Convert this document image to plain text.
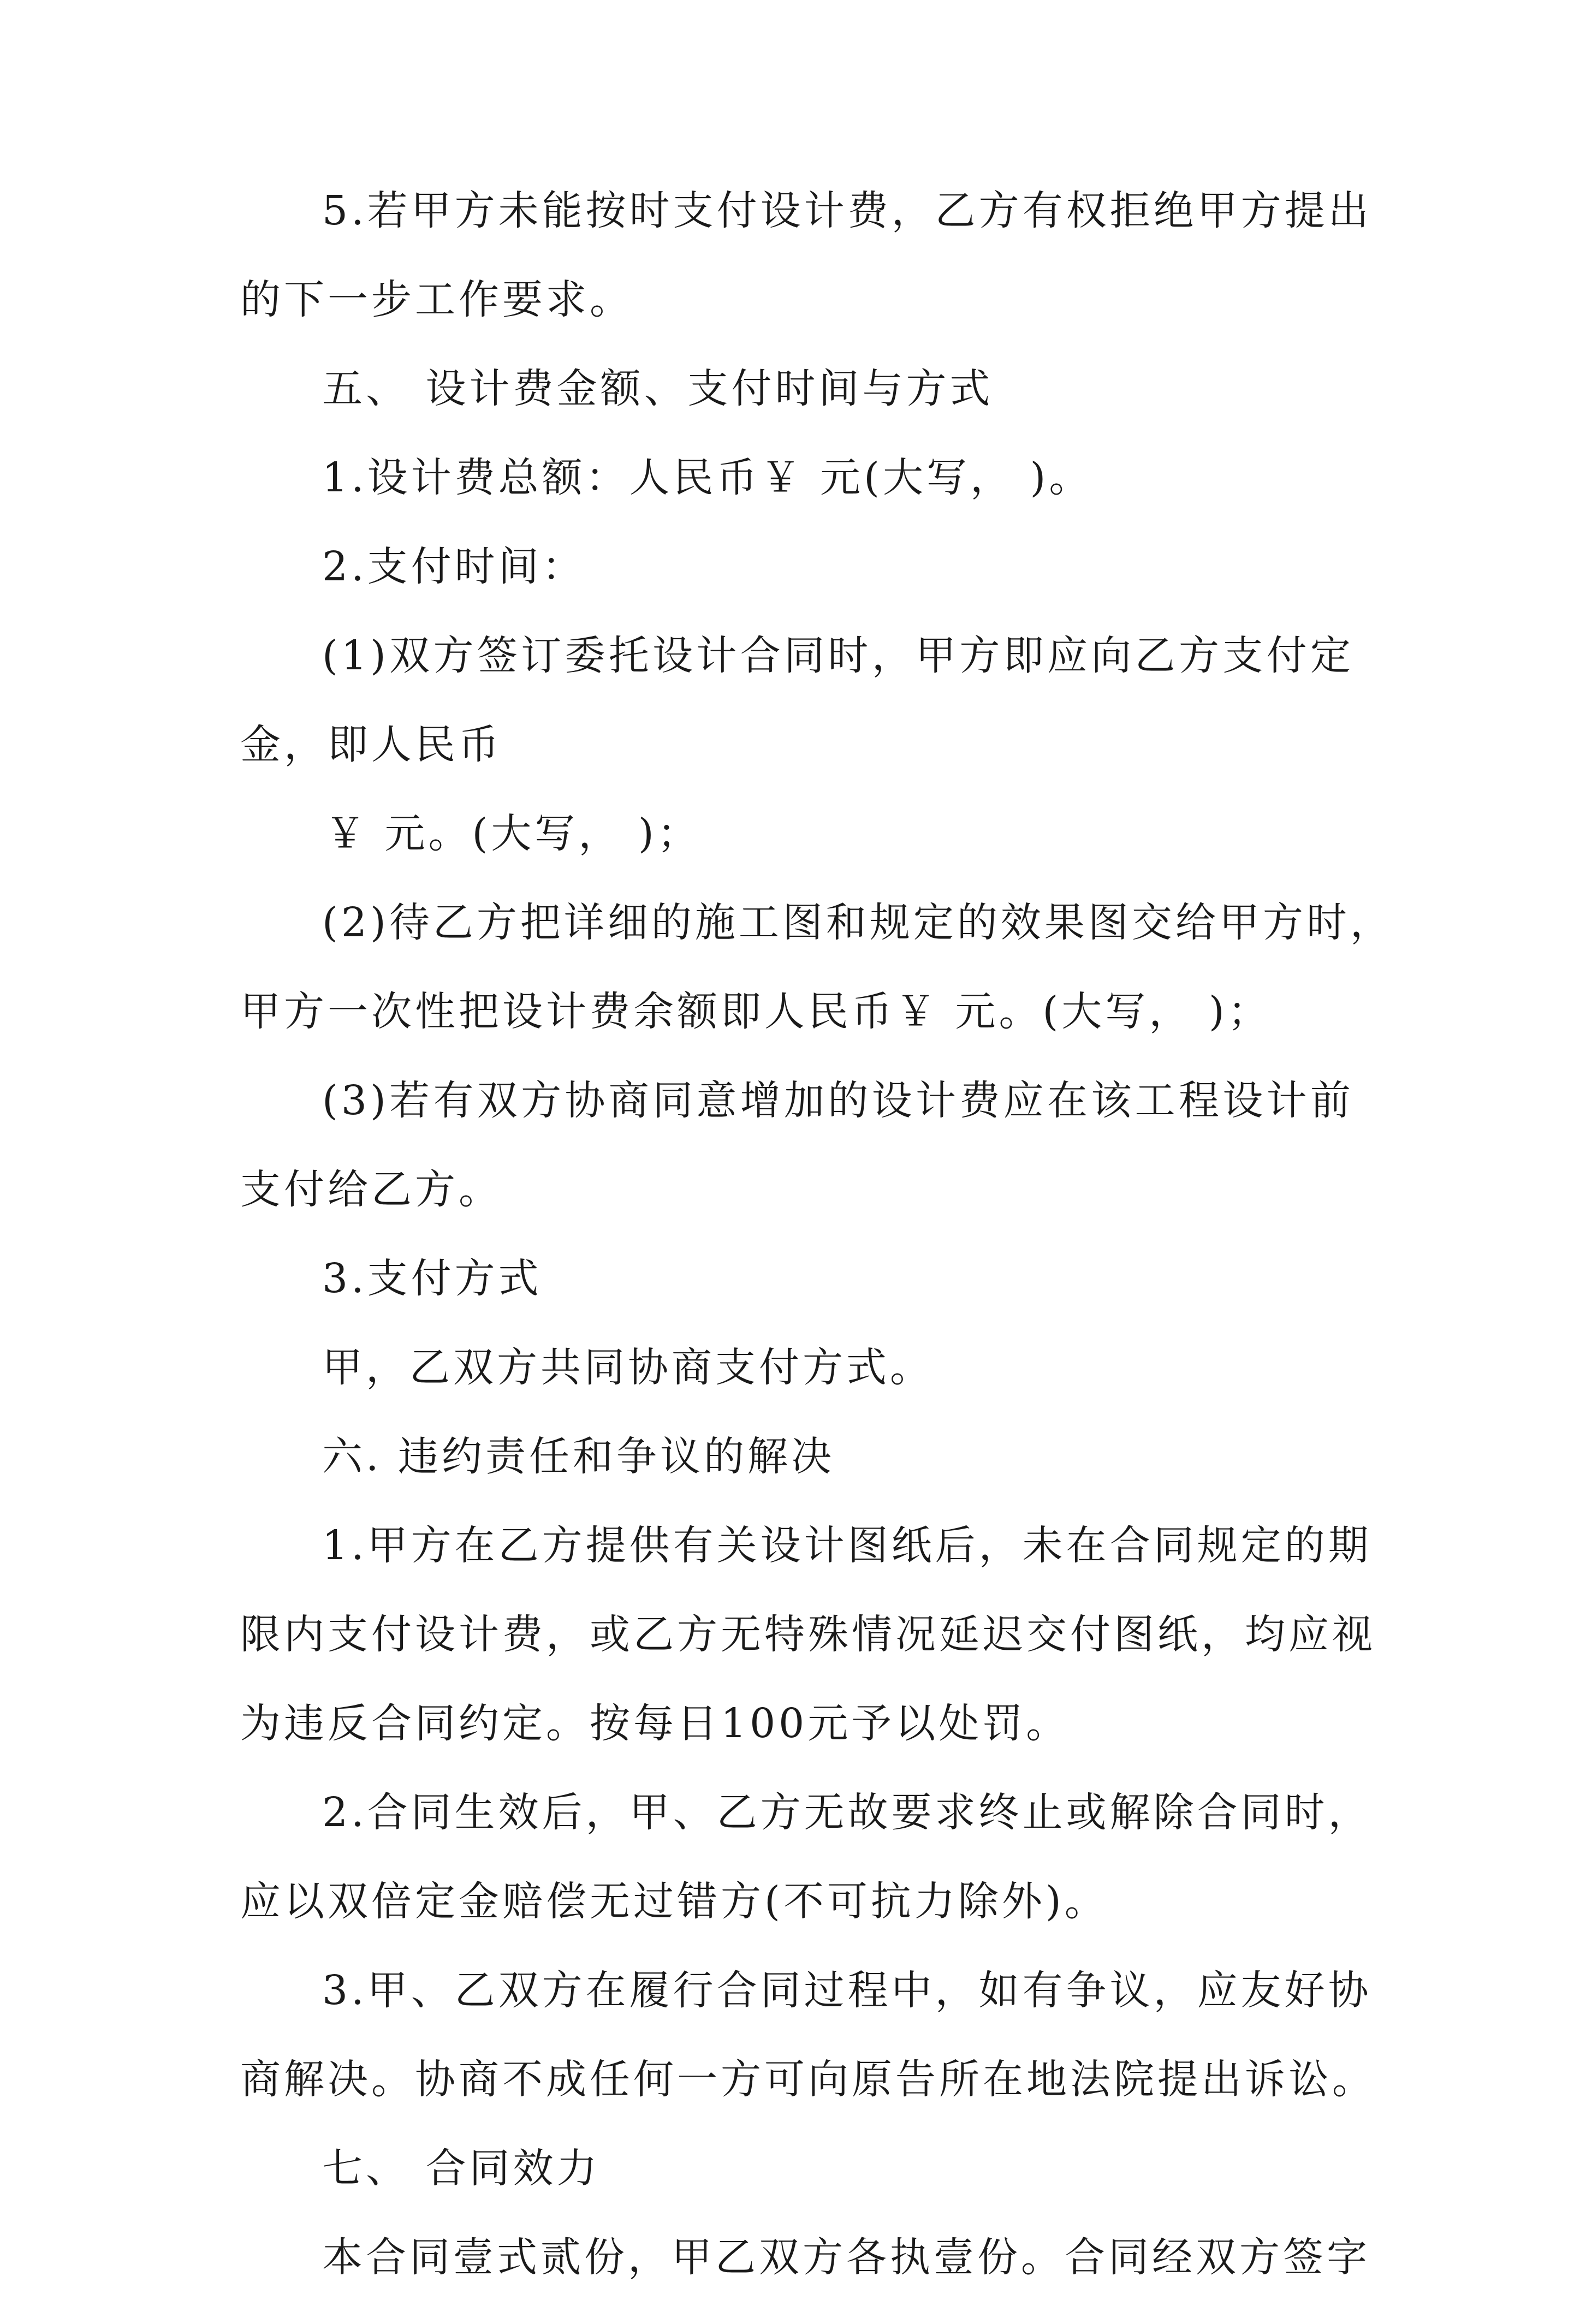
5.若甲方未能按时支付设计费，乙方有权拒绝甲方提出
的下一步工作要求。
五、 设计费金额、支付时间与方式
1.设计费总额：人民币￥ 元(大写， )。
2.支付时间：
(1)双方签订委托设计合同时，甲方即应向乙方支付定
金，即人民币
￥ 元。(大写， )；
(2)待乙方把详细的施工图和规定的效果图交给甲方时，
甲方一次性把设计费余额即人民币￥ 元。(大写， )；
(3)若有双方协商同意增加的设计费应在该工程设计前
支付给乙方。
3.支付方式
甲，乙双方共同协商支付方式。
六. 违约责任和争议的解决
1.甲方在乙方提供有关设计图纸后，未在合同规定的期
限内支付设计费，或乙方无特殊情况延迟交付图纸，均应视
为违反合同约定。按每日100元予以处罚。
2.合同生效后，甲、乙方无故要求终止或解除合同时，
应以双倍定金赔偿无过错方(不可抗力除外)。
3.甲、乙双方在履行合同过程中，如有争议，应友好协
商解决。协商不成任何一方可向原告所在地法院提出诉讼。
七、 合同效力
本合同壹式贰份，甲乙双方各执壹份。合同经双方签字
